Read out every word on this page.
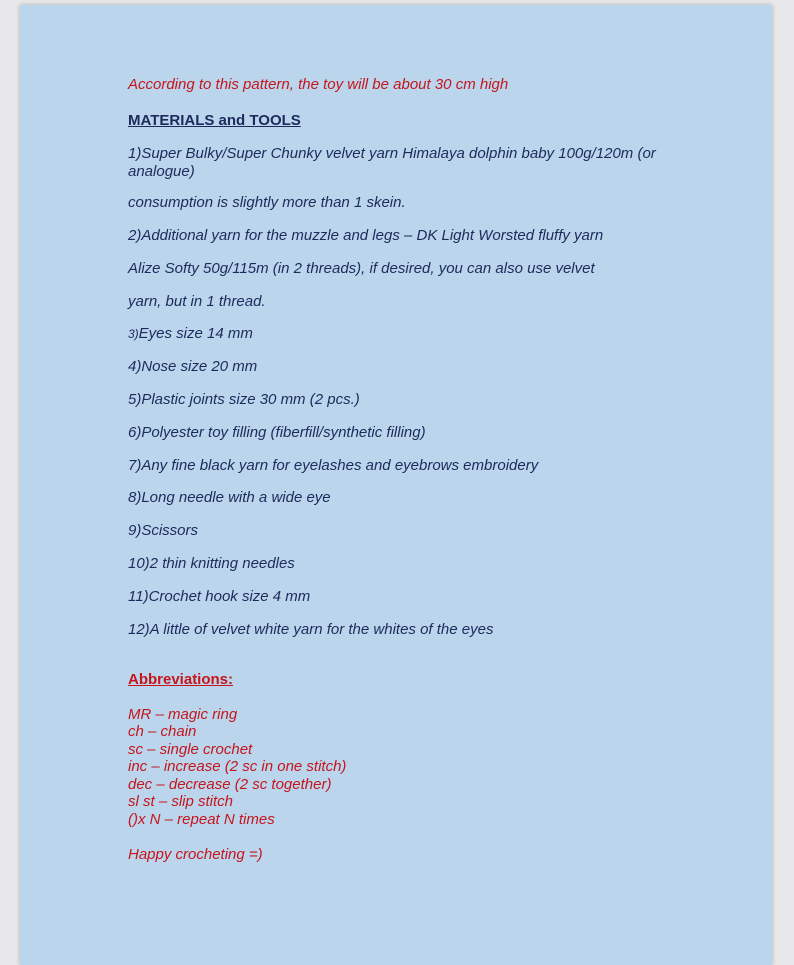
According to this pattern, the toy will be about 30 cm high
MATERIALS and TOOLS
1)Super Bulky/Super Chunky velvet yarn Himalaya dolphin baby 100g/120m (or analogue)
consumption is slightly more than 1 skein.
2)Additional yarn for the muzzle and legs – DK Light Worsted fluffy yarn
Alize Softy 50g/115m (in 2 threads), if desired, you can also use velvet
yarn, but in 1 thread.
3)Eyes size 14 mm
4)Nose size 20 mm
5)Plastic joints size 30 mm (2 pcs.)
6)Polyester toy filling (fiberfill/synthetic filling)
7)Any fine black yarn for eyelashes and eyebrows embroidery
8)Long needle with a wide eye
9)Scissors
10)2 thin knitting needles
11)Crochet hook size 4 mm
12)A little of velvet white yarn for the whites of the eyes
Abbreviations:
MR – magic ring
ch – chain
sc – single crochet
inc – increase (2 sc in one stitch)
dec – decrease (2 sc together)
sl st – slip stitch
()x N – repeat N times
Happy crocheting =)
